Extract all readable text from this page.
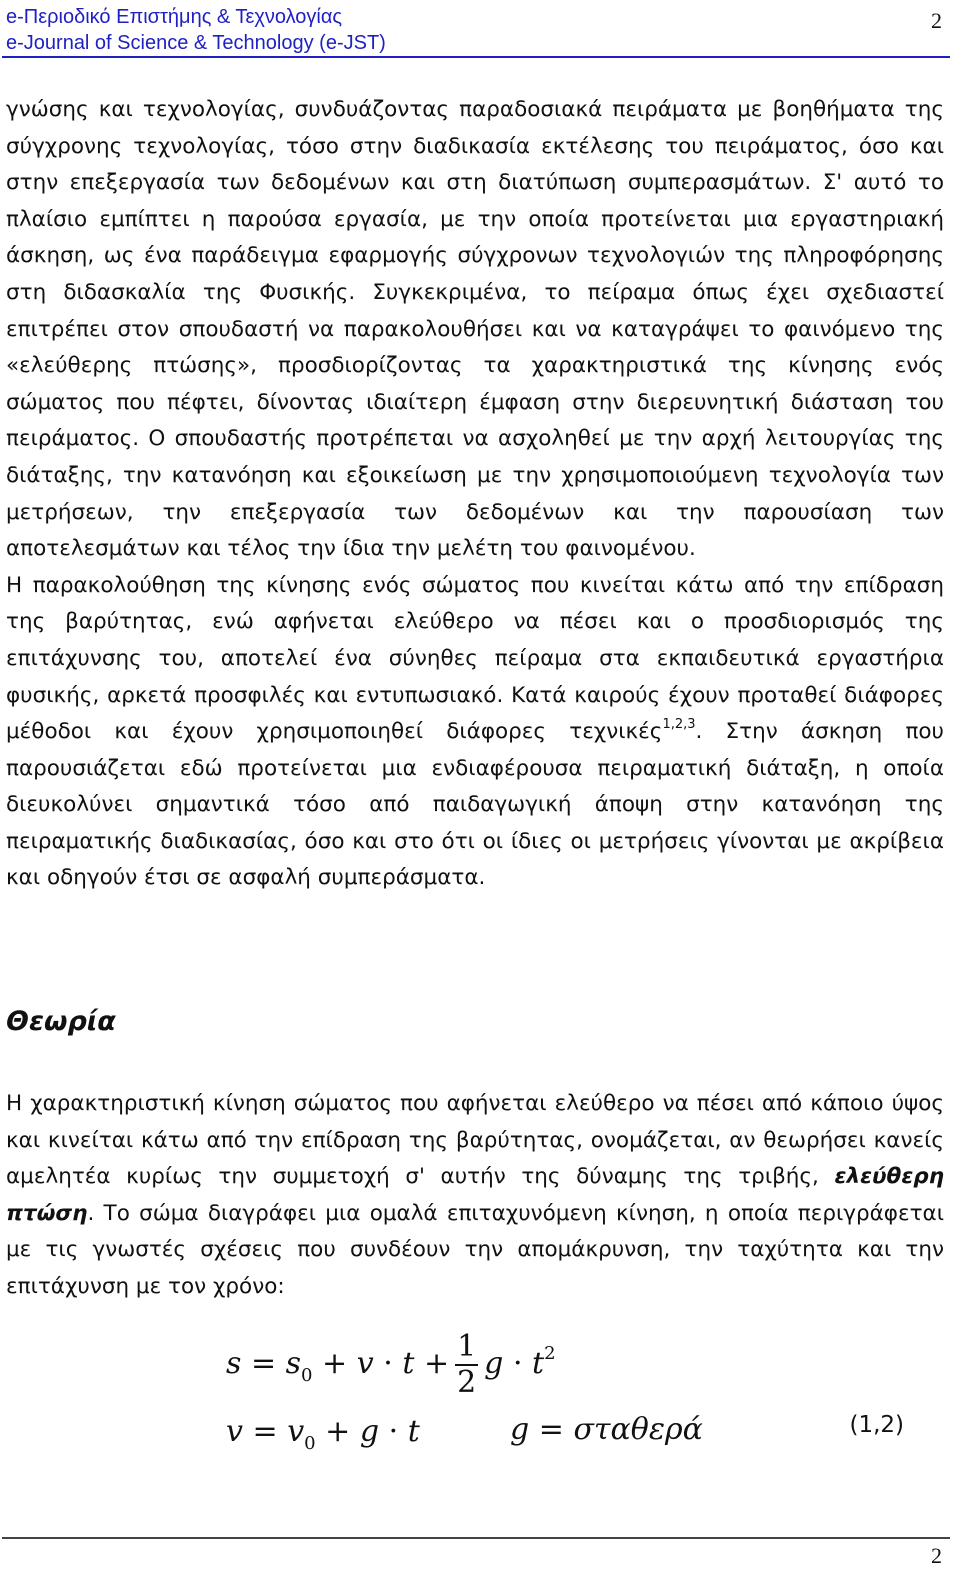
e-Περιοδικό Επιστήμης & Τεχνολογίας
e-Journal of Science & Technology (e-JST)
2

γνώσης και τεχνολογίας, συνδυάζοντας παραδοσιακά πειράματα με βοηθήματα της σύγχρονης τεχνολογίας, τόσο στην διαδικασία εκτέλεσης του πειράματος, όσο και στην επεξεργασία των δεδομένων και στη διατύπωση συμπερασμάτων. Σ' αυτό το πλαίσιο εμπίπτει η παρούσα εργασία, με την οποία προτείνεται μια εργαστηριακή άσκηση, ως ένα παράδειγμα εφαρμογής σύγχρονων τεχνολογιών της πληροφόρησης στη διδασκαλία της Φυσικής. Συγκεκριμένα, το πείραμα όπως έχει σχεδιαστεί επιτρέπει στον σπουδαστή να παρακολουθήσει και να καταγράψει το φαινόμενο της «ελεύθερης πτώσης», προσδιορίζοντας τα χαρακτηριστικά της κίνησης ενός σώματος που πέφτει, δίνοντας ιδιαίτερη έμφαση στην διερευνητική διάσταση του πειράματος. Ο σπουδαστής προτρέπεται να ασχοληθεί με την αρχή λειτουργίας της διάταξης, την κατανόηση και εξοικείωση με την χρησιμοποιούμενη τεχνολογία των μετρήσεων, την επεξεργασία των δεδομένων και την παρουσίαση των αποτελεσμάτων και τέλος την ίδια την μελέτη του φαινομένου.

Η παρακολούθηση της κίνησης ενός σώματος που κινείται κάτω από την επίδραση της βαρύτητας, ενώ αφήνεται ελεύθερο να πέσει και ο προσδιορισμός της επιτάχυνσης του, αποτελεί ένα σύνηθες πείραμα στα εκπαιδευτικά εργαστήρια φυσικής, αρκετά προσφιλές και εντυπωσιακό. Κατά καιρούς έχουν προταθεί διάφορες μέθοδοι και έχουν χρησιμοποιηθεί διάφορες τεχνικές$^{1,2,3}$. Στην άσκηση που παρουσιάζεται εδώ προτείνεται μια ενδιαφέρουσα πειραματική διάταξη, η οποία διευκολύνει σημαντικά τόσο από παιδαγωγική άποψη στην κατανόηση της πειραματικής διαδικασίας, όσο και στο ότι οι ίδιες οι μετρήσεις γίνονται με ακρίβεια και οδηγούν έτσι σε ασφαλή συμπεράσματα.

Θεωρία

Η χαρακτηριστική κίνηση σώματος που αφήνεται ελεύθερο να πέσει από κάποιο ύψος και κινείται κάτω από την επίδραση της βαρύτητας, ονομάζεται, αν θεωρήσει κανείς αμελητέα κυρίως την συμμετοχή σ' αυτήν της δύναμης της τριβής, ελεύθερη πτώση. Το σώμα διαγράφει μια ομαλά επιταχυνόμενη κίνηση, η οποία περιγράφεται με τις γνωστές σχέσεις που συνδέουν την απομάκρυνση, την ταχύτητα και την επιτάχυνση με τον χρόνο:

$s = s_0 + v \cdot t + \frac{1}{2}$ $g \cdot t^2$
$v = v_0 + g \cdot t$	g = σταθερά	(1,2)
2
